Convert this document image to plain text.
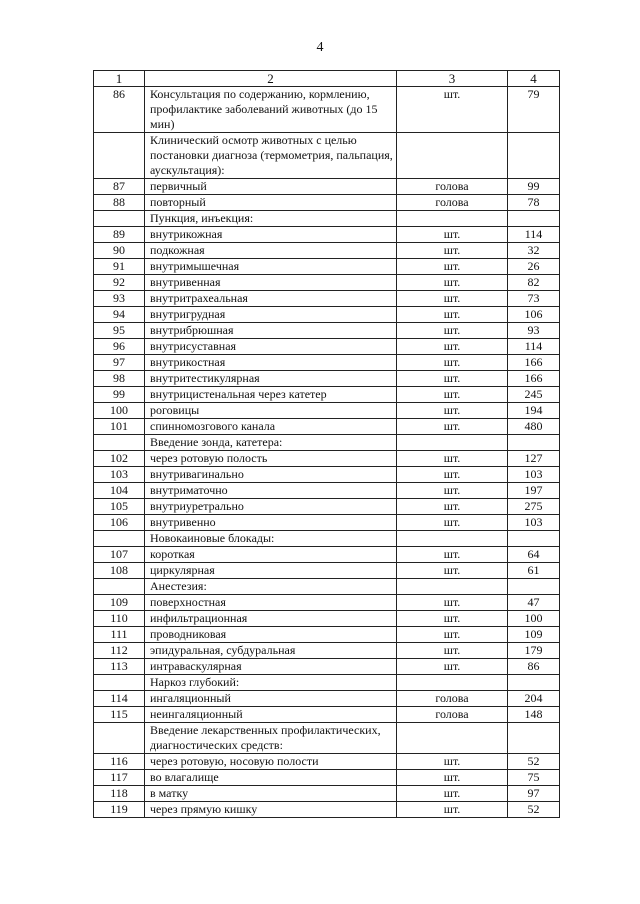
4
1	2	3	4
86	Консультация по содержанию, кормлению, профилактике заболеваний животных (до 15 мин)	шт.	79
	Клинический осмотр животных с целью постановки диагноза (термометрия, пальпация, аускультация):		
87	первичный	голова	99
88	повторный	голова	78
	Пункция, инъекция:		
89	внутрикожная	шт.	114
90	подкожная	шт.	32
91	внутримышечная	шт.	26
92	внутривенная	шт.	82
93	внутритрахеальная	шт.	73
94	внутригрудная	шт.	106
95	внутрибрюшная	шт.	93
96	внутрисуставная	шт.	114
97	внутрикостная	шт.	166
98	внутритестикулярная	шт.	166
99	внутрицистенальная через катетер	шт.	245
100	роговицы	шт.	194
101	спинномозгового канала	шт.	480
	Введение зонда, катетера:		
102	через ротовую полость	шт.	127
103	внутривагинально	шт.	103
104	внутриматочно	шт.	197
105	внутриуретрально	шт.	275
106	внутривенно	шт.	103
	Новокаиновые блокады:		
107	короткая	шт.	64
108	циркулярная	шт.	61
	Анестезия:		
109	поверхностная	шт.	47
110	инфильтрационная	шт.	100
111	проводниковая	шт.	109
112	эпидуральная, субдуральная	шт.	179
113	интраваскулярная	шт.	86
	Наркоз глубокий:		
114	ингаляционный	голова	204
115	неингаляционный	голова	148
	Введение лекарственных профилактических, диагностических средств:		
116	через ротовую, носовую полости	шт.	52
117	во влагалище	шт.	75
118	в матку	шт.	97
119	через прямую кишку	шт.	52
